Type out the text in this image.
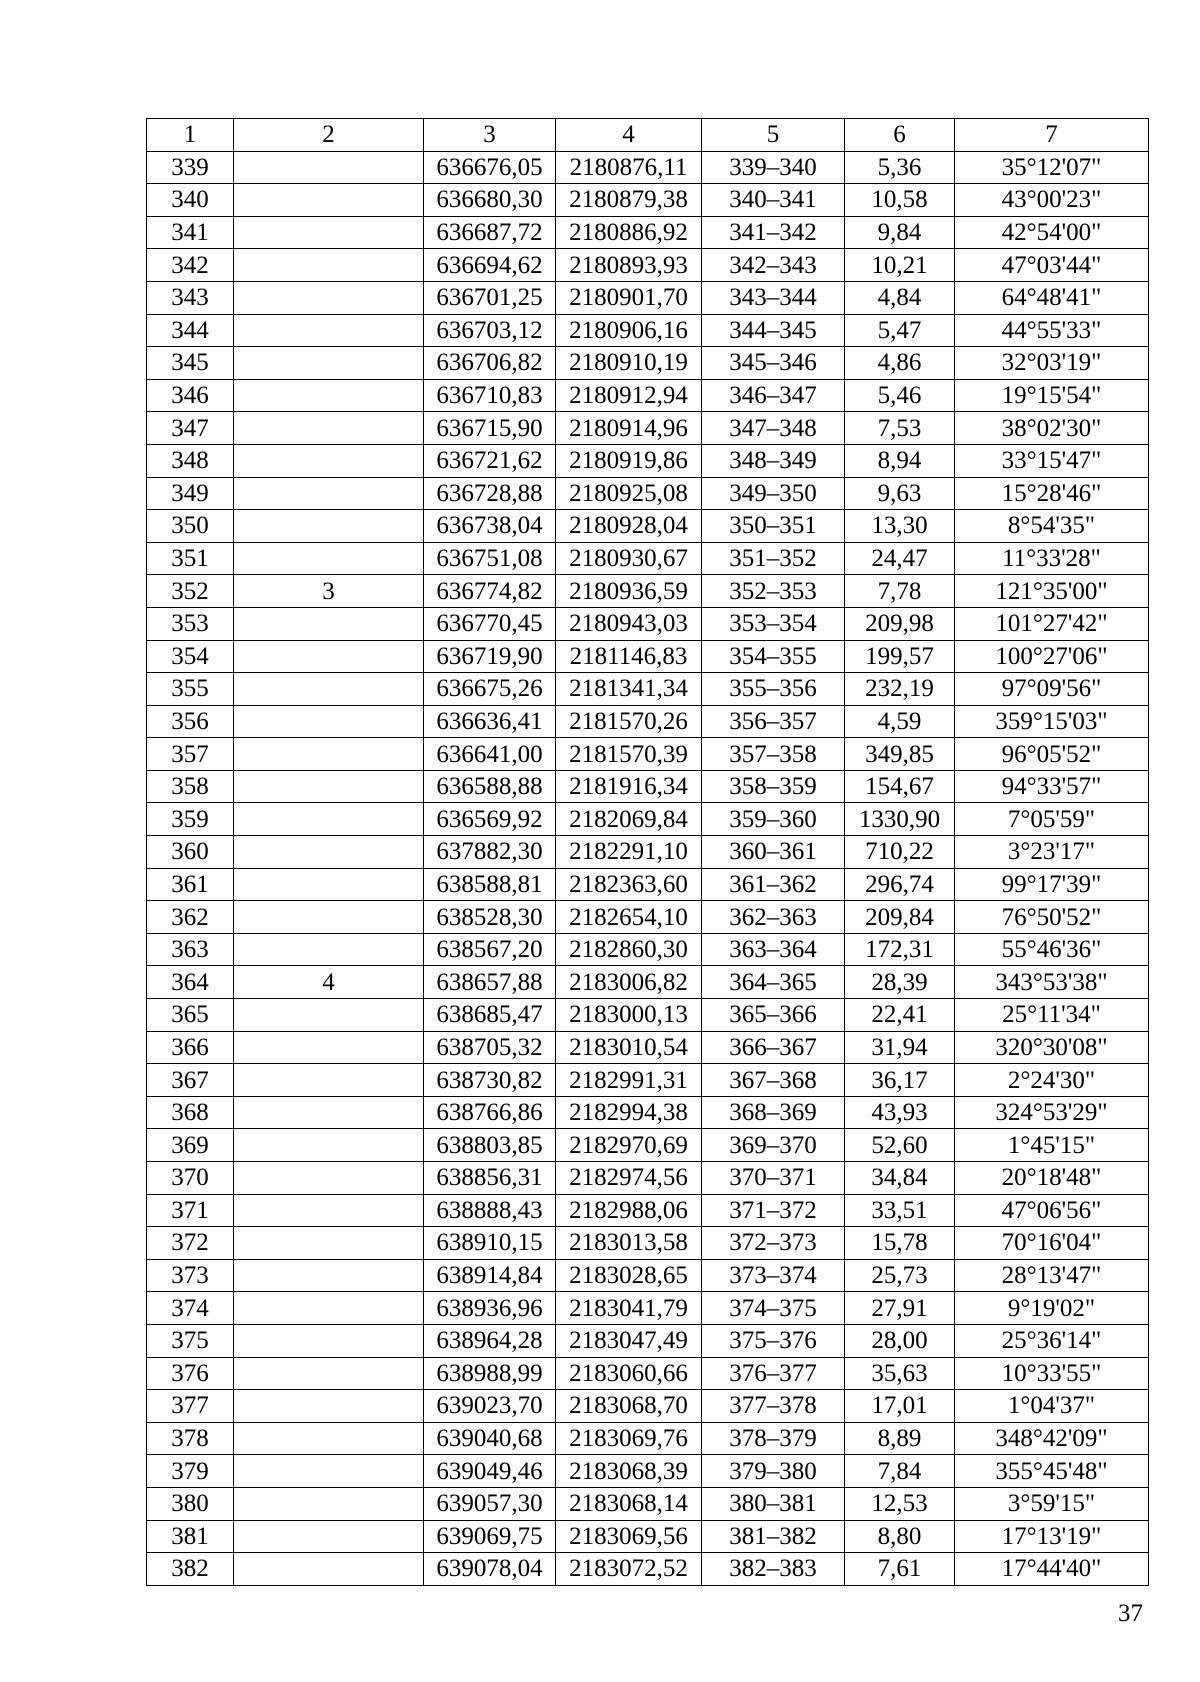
1	2	3	4	5	6	7
339		636676,05	2180876,11	339–340	5,36	35°12'07"
340		636680,30	2180879,38	340–341	10,58	43°00'23"
341		636687,72	2180886,92	341–342	9,84	42°54'00"
342		636694,62	2180893,93	342–343	10,21	47°03'44"
343		636701,25	2180901,70	343–344	4,84	64°48'41"
344		636703,12	2180906,16	344–345	5,47	44°55'33"
345		636706,82	2180910,19	345–346	4,86	32°03'19"
346		636710,83	2180912,94	346–347	5,46	19°15'54"
347		636715,90	2180914,96	347–348	7,53	38°02'30"
348		636721,62	2180919,86	348–349	8,94	33°15'47"
349		636728,88	2180925,08	349–350	9,63	15°28'46"
350		636738,04	2180928,04	350–351	13,30	8°54'35"
351		636751,08	2180930,67	351–352	24,47	11°33'28"
352	3	636774,82	2180936,59	352–353	7,78	121°35'00"
353		636770,45	2180943,03	353–354	209,98	101°27'42"
354		636719,90	2181146,83	354–355	199,57	100°27'06"
355		636675,26	2181341,34	355–356	232,19	97°09'56"
356		636636,41	2181570,26	356–357	4,59	359°15'03"
357		636641,00	2181570,39	357–358	349,85	96°05'52"
358		636588,88	2181916,34	358–359	154,67	94°33'57"
359		636569,92	2182069,84	359–360	1330,90	7°05'59"
360		637882,30	2182291,10	360–361	710,22	3°23'17"
361		638588,81	2182363,60	361–362	296,74	99°17'39"
362		638528,30	2182654,10	362–363	209,84	76°50'52"
363		638567,20	2182860,30	363–364	172,31	55°46'36"
364	4	638657,88	2183006,82	364–365	28,39	343°53'38"
365		638685,47	2183000,13	365–366	22,41	25°11'34"
366		638705,32	2183010,54	366–367	31,94	320°30'08"
367		638730,82	2182991,31	367–368	36,17	2°24'30"
368		638766,86	2182994,38	368–369	43,93	324°53'29"
369		638803,85	2182970,69	369–370	52,60	1°45'15"
370		638856,31	2182974,56	370–371	34,84	20°18'48"
371		638888,43	2182988,06	371–372	33,51	47°06'56"
372		638910,15	2183013,58	372–373	15,78	70°16'04"
373		638914,84	2183028,65	373–374	25,73	28°13'47"
374		638936,96	2183041,79	374–375	27,91	9°19'02"
375		638964,28	2183047,49	375–376	28,00	25°36'14"
376		638988,99	2183060,66	376–377	35,63	10°33'55"
377		639023,70	2183068,70	377–378	17,01	1°04'37"
378		639040,68	2183069,76	378–379	8,89	348°42'09"
379		639049,46	2183068,39	379–380	7,84	355°45'48"
380		639057,30	2183068,14	380–381	12,53	3°59'15"
381		639069,75	2183069,56	381–382	8,80	17°13'19"
382		639078,04	2183072,52	382–383	7,61	17°44'40"
37
